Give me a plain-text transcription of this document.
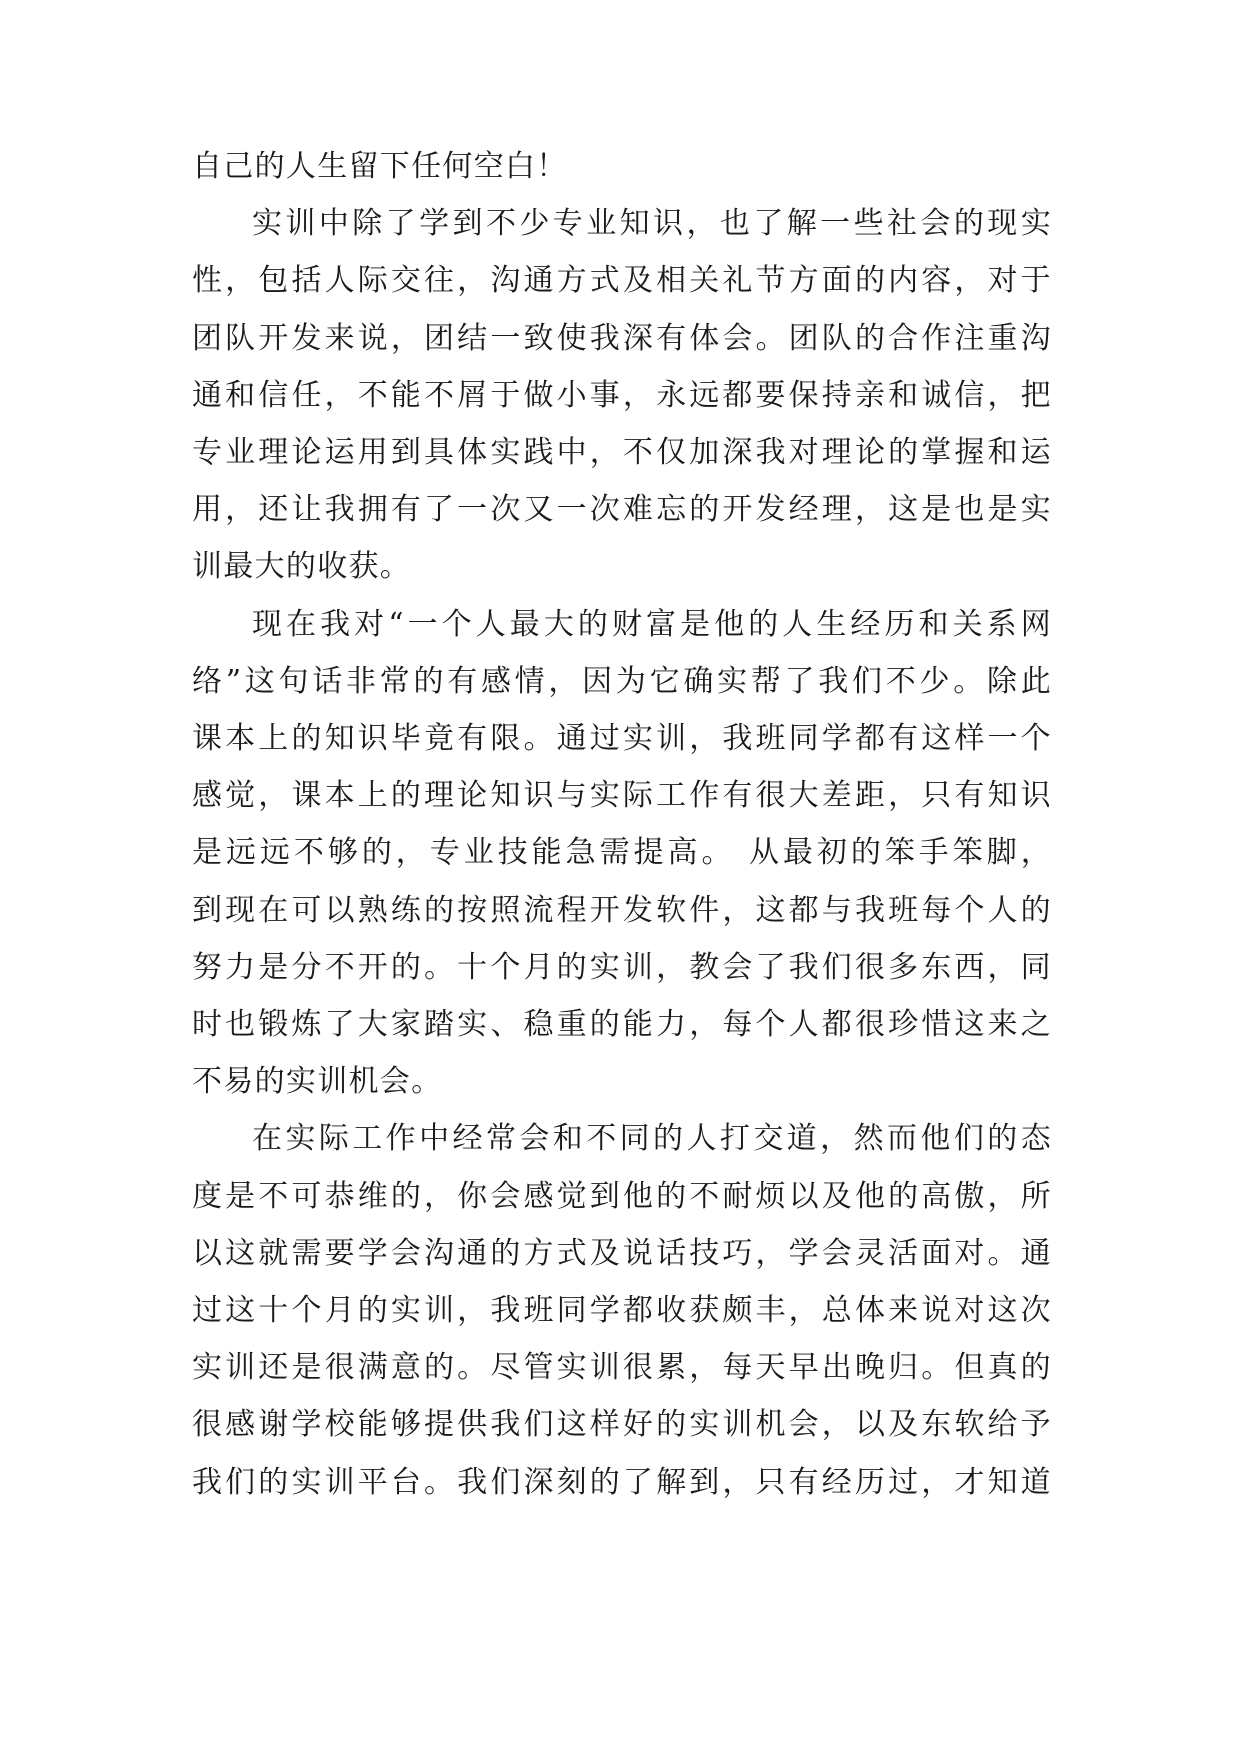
自己的人生留下任何空白！

实训中除了学到不少专业知识，也了解一些社会的现实

性，包括人际交往，沟通方式及相关礼节方面的内容，对于

团队开发来说，团结一致使我深有体会。团队的合作注重沟

通和信任，不能不屑于做小事，永远都要保持亲和诚信，把

专业理论运用到具体实践中，不仅加深我对理论的掌握和运

用，还让我拥有了一次又一次难忘的开发经理，这是也是实

训最大的收获。

现在我对“一个人最大的财富是他的人生经历和关系网

络”这句话非常的有感情，因为它确实帮了我们不少。除此

课本上的知识毕竟有限。通过实训，我班同学都有这样一个

感觉，课本上的理论知识与实际工作有很大差距，只有知识

是远远不够的，专业技能急需提高。 从最初的笨手笨脚，

到现在可以熟练的按照流程开发软件，这都与我班每个人的

努力是分不开的。十个月的实训，教会了我们很多东西，同

时也锻炼了大家踏实、稳重的能力，每个人都很珍惜这来之

不易的实训机会。

在实际工作中经常会和不同的人打交道，然而他们的态

度是不可恭维的，你会感觉到他的不耐烦以及他的高傲，所

以这就需要学会沟通的方式及说话技巧，学会灵活面对。通

过这十个月的实训，我班同学都收获颇丰，总体来说对这次

实训还是很满意的。尽管实训很累，每天早出晚归。但真的

很感谢学校能够提供我们这样好的实训机会，以及东软给予

我们的实训平台。我们深刻的了解到，只有经历过，才知道
